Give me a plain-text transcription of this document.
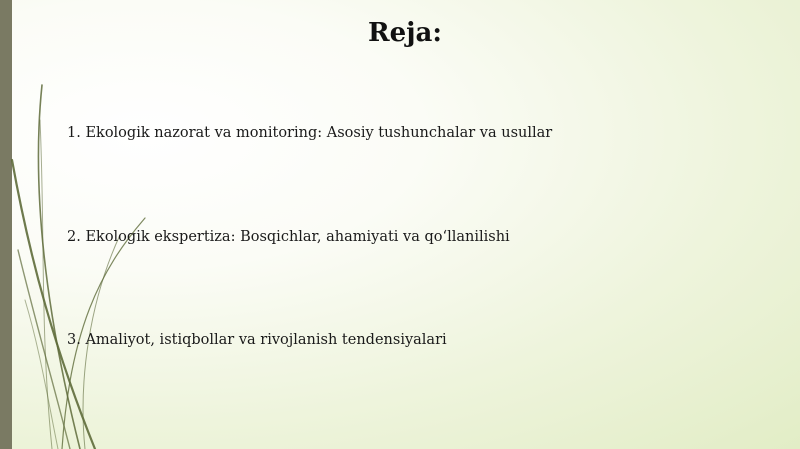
Reja:

1. Ekologik nazorat va monitoring: Asosiy tushunchalar va usullar

2. Ekologik ekspertiza: Bosqichlar, ahamiyati va qo‘llanilishi

3. Amaliyot, istiqbollar va rivojlanish tendensiyalari
